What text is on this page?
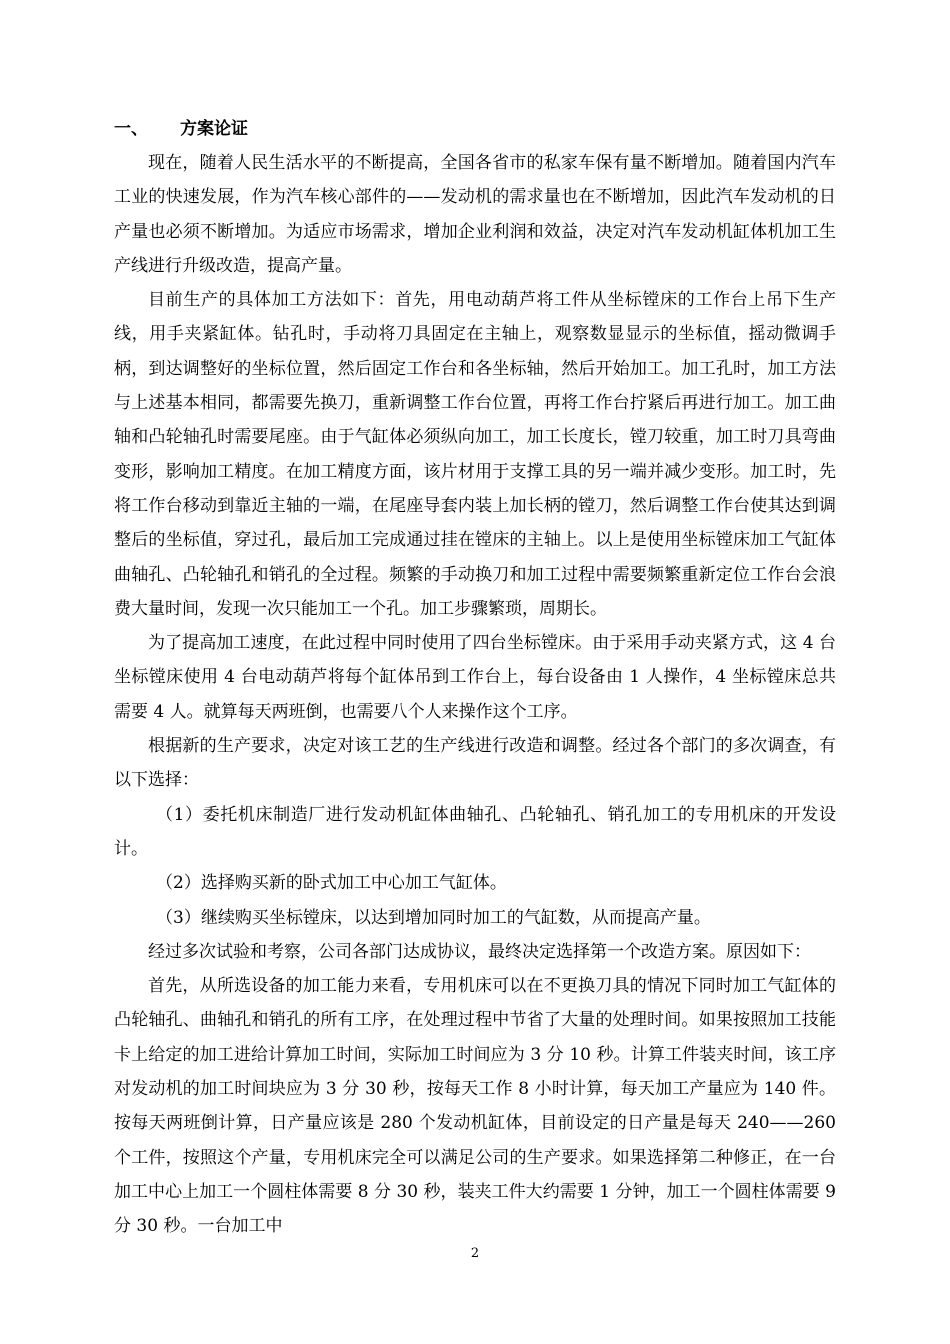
一、 方案论证

现在，随着人民生活水平的不断提高，全国各省市的私家车保有量不断增加。随着国内汽车工业的快速发展，作为汽车核心部件的——发动机的需求量也在不断增加，因此汽车发动机的日产量也必须不断增加。为适应市场需求，增加企业利润和效益，决定对汽车发动机缸体机加工生产线进行升级改造，提高产量。

目前生产的具体加工方法如下：首先，用电动葫芦将工件从坐标镗床的工作台上吊下生产线，用手夹紧缸体。钻孔时，手动将刀具固定在主轴上，观察数显显示的坐标值，摇动微调手柄，到达调整好的坐标位置，然后固定工作台和各坐标轴，然后开始加工。加工孔时，加工方法与上述基本相同，都需要先换刀，重新调整工作台位置，再将工作台拧紧后再进行加工。加工曲轴和凸轮轴孔时需要尾座。由于气缸体必须纵向加工，加工长度长，镗刀较重，加工时刀具弯曲变形，影响加工精度。在加工精度方面，该片材用于支撑工具的另一端并减少变形。加工时，先将工作台移动到靠近主轴的一端，在尾座导套内装上加长柄的镗刀，然后调整工作台使其达到调整后的坐标值，穿过孔，最后加工完成通过挂在镗床的主轴上。以上是使用坐标镗床加工气缸体曲轴孔、凸轮轴孔和销孔的全过程。频繁的手动换刀和加工过程中需要频繁重新定位工作台会浪费大量时间，发现一次只能加工一个孔。加工步骤繁琐，周期长。

为了提高加工速度，在此过程中同时使用了四台坐标镗床。由于采用手动夹紧方式，这 4 台坐标镗床使用 4 台电动葫芦将每个缸体吊到工作台上，每台设备由 1 人操作，4 坐标镗床总共需要 4 人。就算每天两班倒，也需要八个人来操作这个工序。

根据新的生产要求，决定对该工艺的生产线进行改造和调整。经过各个部门的多次调查，有以下选择：

（1）委托机床制造厂进行发动机缸体曲轴孔、凸轮轴孔、销孔加工的专用机床的开发设计。

（2）选择购买新的卧式加工中心加工气缸体。

（3）继续购买坐标镗床，以达到增加同时加工的气缸数，从而提高产量。

经过多次试验和考察，公司各部门达成协议，最终决定选择第一个改造方案。原因如下：

首先，从所选设备的加工能力来看，专用机床可以在不更换刀具的情况下同时加工气缸体的凸轮轴孔、曲轴孔和销孔的所有工序，在处理过程中节省了大量的处理时间。如果按照加工技能卡上给定的加工进给计算加工时间，实际加工时间应为 3 分 10 秒。计算工件装夹时间，该工序对发动机的加工时间块应为 3 分 30 秒，按每天工作 8 小时计算，每天加工产量应为 140 件。按每天两班倒计算，日产量应该是 280 个发动机缸体，目前设定的日产量是每天 240——260 个工件，按照这个产量，专用机床完全可以满足公司的生产要求。如果选择第二种修正，在一台加工中心上加工一个圆柱体需要 8 分 30 秒，装夹工件大约需要 1 分钟，加工一个圆柱体需要 9 分 30 秒。一台加工中

2
